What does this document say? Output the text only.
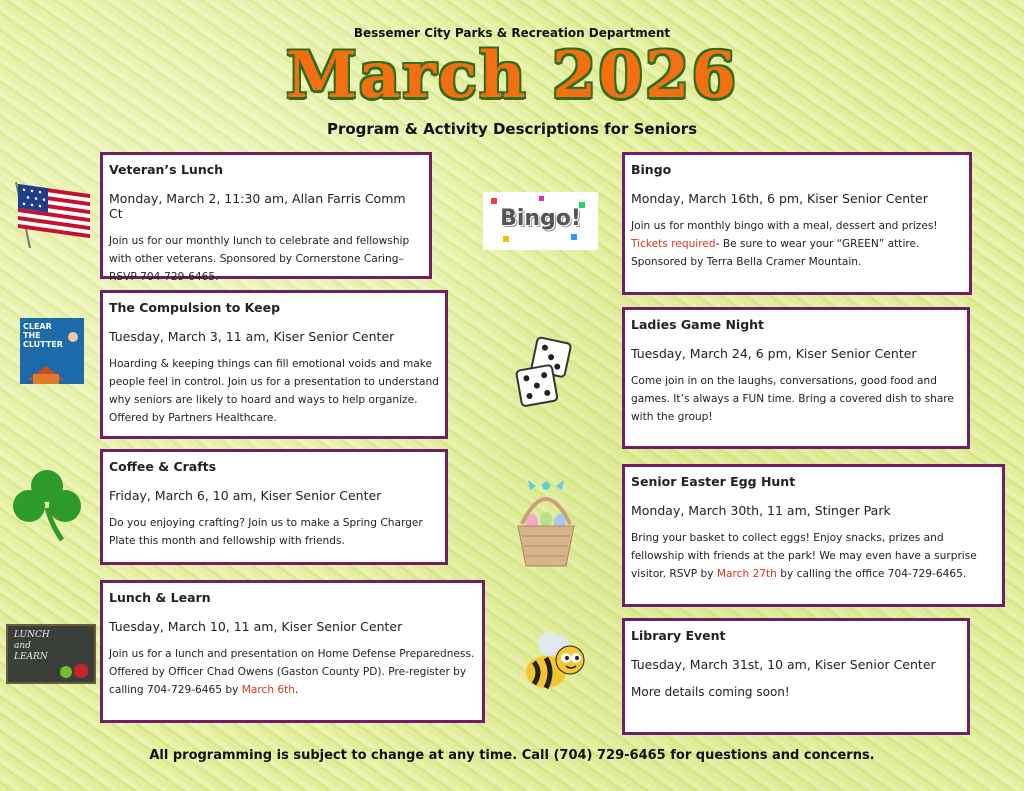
Bessemer City Parks & Recreation Department
March 2026
Program & Activity Descriptions for Seniors
Veteran’s Lunch
Monday, March 2, 11:30 am, Allan Farris Comm Ct
Join us for our monthly lunch to celebrate and fellowship with other veterans. Sponsored by Cornerstone Caring– RSVP 704-729-6465.
The Compulsion to Keep
Tuesday, March 3, 11 am, Kiser Senior Center
Hoarding & keeping things can fill emotional voids and make people feel in control. Join us for a presentation to understand why seniors are likely to hoard and ways to help organize. Offered by Partners Healthcare.
Coffee & Crafts
Friday, March 6, 10 am, Kiser Senior Center
Do you enjoying crafting? Join us to make a Spring Charger Plate this month and fellowship with friends.
Lunch & Learn
Tuesday, March 10, 11 am, Kiser Senior Center
Join us for a lunch and presentation on Home Defense Preparedness. Offered by Officer Chad Owens (Gaston County PD). Pre-register by calling 704-729-6465 by March 6th.
Bingo
Monday, March 16th, 6 pm, Kiser Senior Center
Join us for monthly bingo with a meal, dessert and prizes! Tickets required- Be sure to wear your “GREEN” attire. Sponsored by Terra Bella Cramer Mountain.
Ladies Game Night
Tuesday, March 24, 6 pm, Kiser Senior Center
Come join in on the laughs, conversations, good food and games. It’s always a FUN time. Bring a covered dish to share with the group!
Senior Easter Egg Hunt
Monday, March 30th, 11 am, Stinger Park
Bring your basket to collect eggs! Enjoy snacks, prizes and fellowship with friends at the park! We may even have a surprise visitor. RSVP by March 27th by calling the office 704-729-6465.
Library Event
Tuesday, March 31st, 10 am, Kiser Senior Center
More details coming soon!
CLEAR THE CLUTTER
LUNCH and LEARN
Bingo!
All programming is subject to change at any time. Call (704) 729-6465 for questions and concerns.
